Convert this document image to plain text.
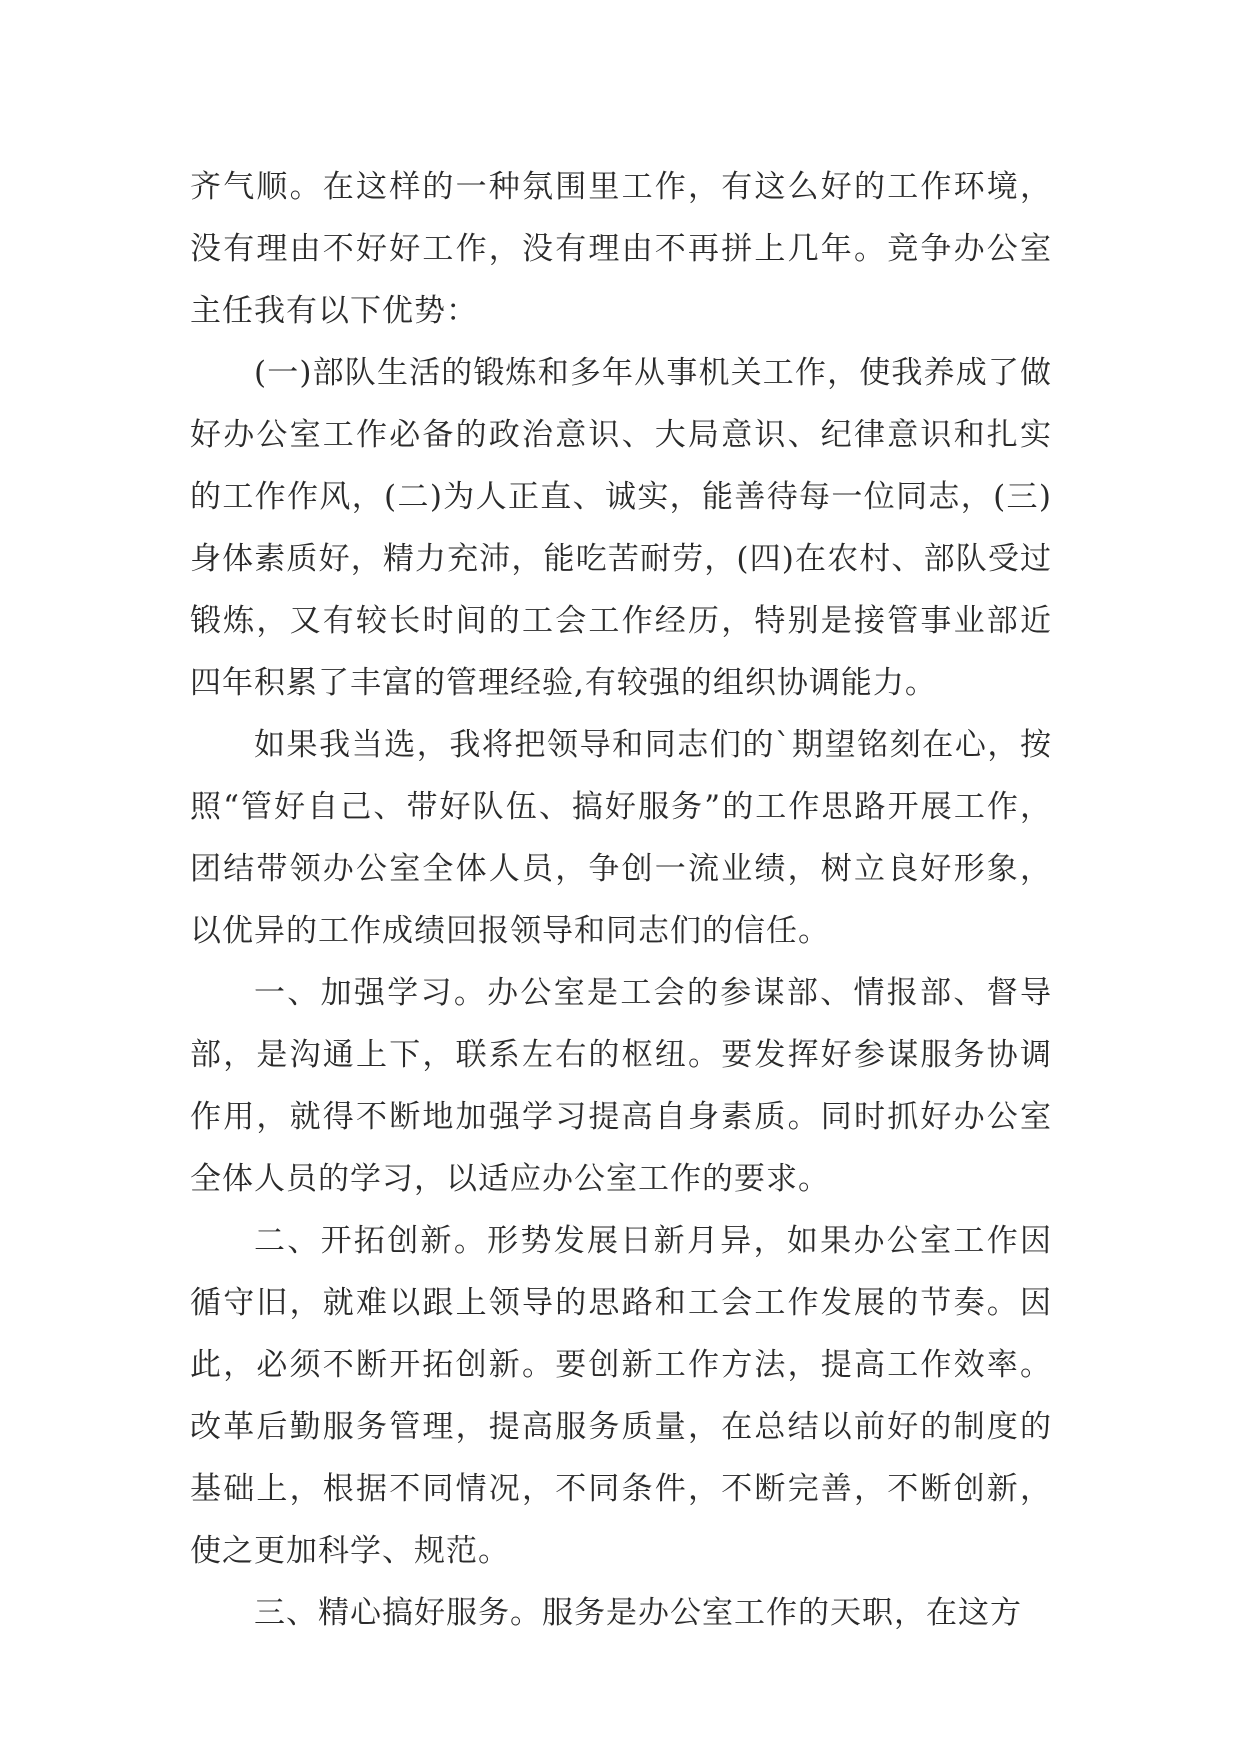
齐气顺。在这样的一种氛围里工作，有这么好的工作环境，没有理由不好好工作，没有理由不再拼上几年。竞争办公室主任我有以下优势：

(一)部队生活的锻炼和多年从事机关工作，使我养成了做好办公室工作必备的政治意识、大局意识、纪律意识和扎实的工作作风，(二)为人正直、诚实，能善待每一位同志，(三)身体素质好，精力充沛，能吃苦耐劳，(四)在农村、部队受过锻炼，又有较长时间的工会工作经历，特别是接管事业部近四年积累了丰富的管理经验,有较强的组织协调能力。

如果我当选，我将把领导和同志们的`期望铭刻在心，按照“管好自己、带好队伍、搞好服务”的工作思路开展工作，团结带领办公室全体人员，争创一流业绩，树立良好形象，以优异的工作成绩回报领导和同志们的信任。

一、加强学习。办公室是工会的参谋部、情报部、督导部，是沟通上下，联系左右的枢纽。要发挥好参谋服务协调作用，就得不断地加强学习提高自身素质。同时抓好办公室全体人员的学习，以适应办公室工作的要求。

二、开拓创新。形势发展日新月异，如果办公室工作因循守旧，就难以跟上领导的思路和工会工作发展的节奏。因此，必须不断开拓创新。要创新工作方法，提高工作效率。改革后勤服务管理，提高服务质量，在总结以前好的制度的基础上，根据不同情况，不同条件，不断完善，不断创新，使之更加科学、规范。

三、精心搞好服务。服务是办公室工作的天职，在这方
